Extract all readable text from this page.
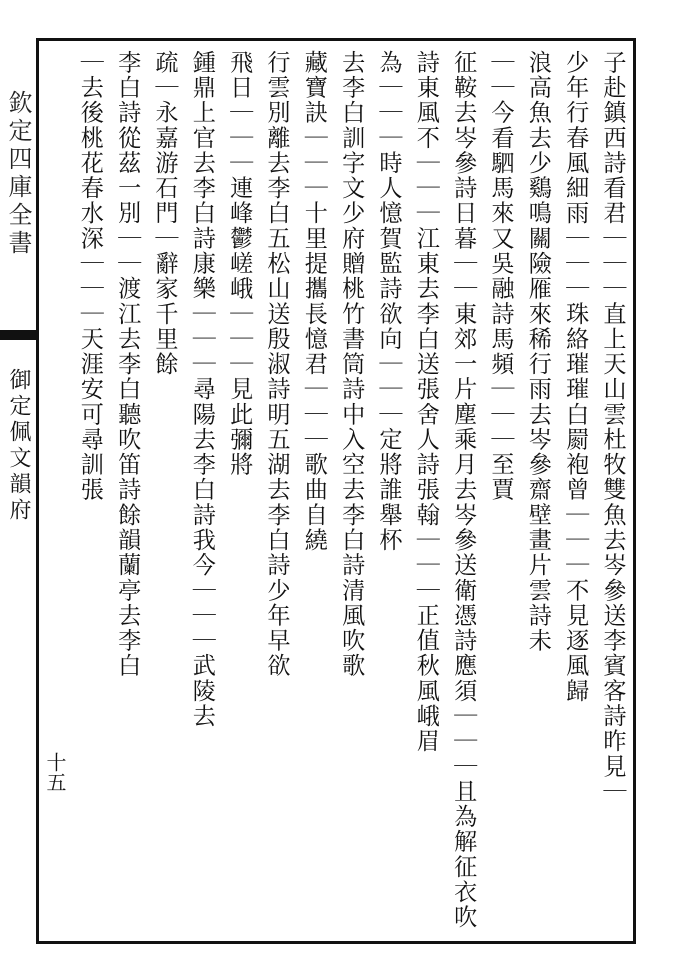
欽定四庫全書
御定佩文韻府
十五	子赴鎮西詩看君｜｜｜直上天山雲杜牧雙魚去岑參送李賓客詩昨見｜
少年行春風細雨｜｜｜珠絡璀璀白罽袍曾｜｜｜不見逐風歸
浪高魚去少鷄鳴關險雁來稀行雨去岑參齋壁畫片雲詩未
｜｜今看駟馬來又吳融詩馬頻｜｜｜至賈
征鞍去岑參詩日暮｜｜東郊一片塵乘月去岑參送衛憑詩應須｜｜｜且為解征衣吹
詩東風不｜｜｜江東去李白送張舍人詩張翰｜｜｜正值秋風峨眉
為｜｜｜時人憶賀監詩欲向｜｜｜定將誰舉杯
去李白訓字文少府贈桃竹書筒詩中入空去李白詩清風吹歌
藏寶訣｜｜｜十里提攜長憶君｜｜｜歌曲自繞
行雲別離去李白五松山送殷淑詩明五湖去李白詩少年早欲
飛日｜｜｜連峰鬱嵯峨｜｜｜見此彌將
鍾鼎上官去李白詩康樂｜｜｜尋陽去李白詩我今｜｜｜武陵去
疏｜永嘉游石門｜辭家千里餘
李白詩從茲一別｜｜渡江去李白聽吹笛詩餘韻蘭亭去李白
｜去後桃花春水深｜｜｜天涯安可尋訓張
